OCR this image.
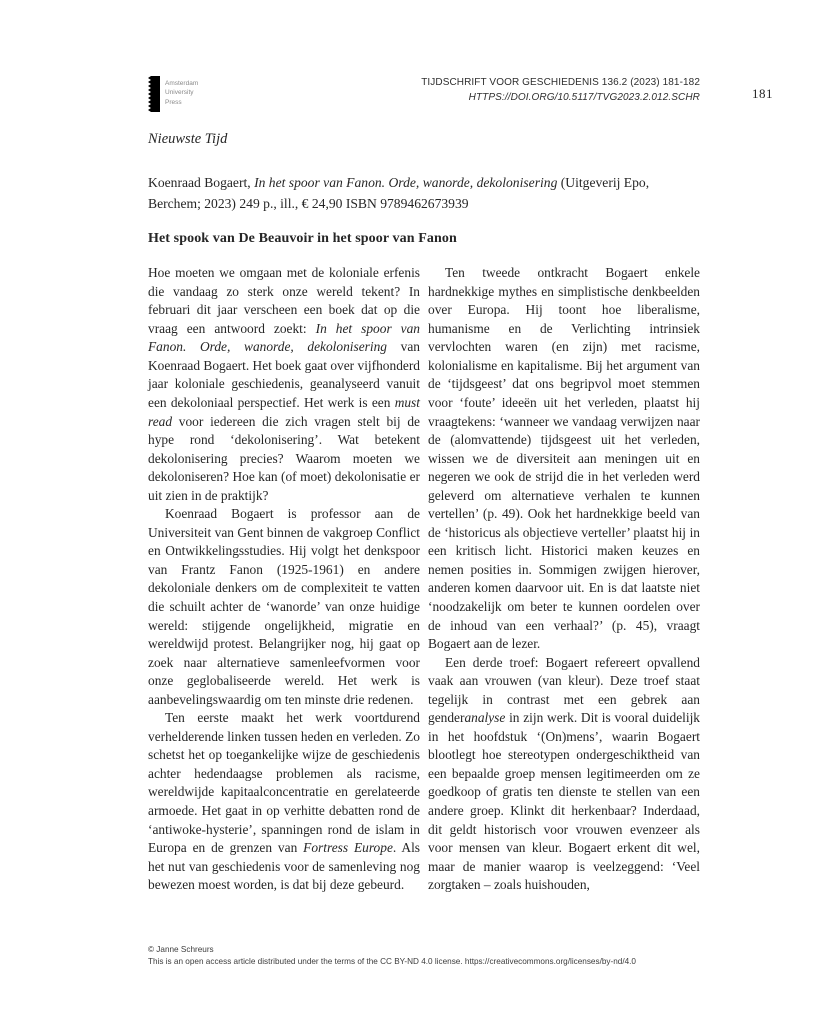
Amsterdam
University
Press
TIJDSCHRIFT VOOR GESCHIEDENIS 136.2 (2023) 181-182
HTTPS://DOI.ORG/10.5117/TVG2023.2.012.SCHR
Nieuwste Tijd

Koenraad Bogaert, In het spoor van Fanon. Orde, wanorde, dekolonisering (Uitgeverij Epo, Berchem; 2023) 249 p., ill., € 24,90 ISBN 9789462673939

Het spook van De Beauvoir in het spoor van Fanon

Hoe moeten we omgaan met de koloniale erfenis die vandaag zo sterk onze wereld tekent? In februari dit jaar verscheen een boek dat op die vraag een antwoord zoekt: In het spoor van Fanon. Orde, wanorde, dekolonisering van Koenraad Bogaert. Het boek gaat over vijfhonderd jaar koloniale geschiedenis, geanalyseerd vanuit een dekoloniaal perspectief. Het werk is een must read voor iedereen die zich vragen stelt bij de hype rond ‘dekolonisering’. Wat betekent dekolonisering precies? Waarom moeten we dekoloniseren? Hoe kan (of moet) dekolonisatie er uit zien in de praktijk?

Koenraad Bogaert is professor aan de Universiteit van Gent binnen de vakgroep Conflict en Ontwikkelingsstudies. Hij volgt het denkspoor van Frantz Fanon (1925-1961) en andere dekoloniale denkers om de complexiteit te vatten die schuilt achter de ‘wanorde’ van onze huidige wereld: stijgende ongelijkheid, migratie en wereldwijd protest. Belangrijker nog, hij gaat op zoek naar alternatieve samenleefvormen voor onze geglobaliseerde wereld. Het werk is aanbevelingswaardig om ten minste drie redenen.

Ten eerste maakt het werk voortdurend verhelderende linken tussen heden en verleden. Zo schetst het op toegankelijke wijze de geschiedenis achter hedendaagse problemen als racisme, wereldwijde kapitaalconcentratie en gerelateerde armoede. Het gaat in op verhitte debatten rond de ‘antiwoke-hysterie’, spanningen rond de islam in Europa en de grenzen van Fortress Europe. Als het nut van geschiedenis voor de samenleving nog bewezen moest worden, is dat bij deze gebeurd.

Ten tweede ontkracht Bogaert enkele hardnekkige mythes en simplistische denkbeelden over Europa. Hij toont hoe liberalisme, humanisme en de Verlichting intrinsiek vervlochten waren (en zijn) met racisme, kolonialisme en kapitalisme. Bij het argument van de ‘tijdsgeest’ dat ons begripvol moet stemmen voor ‘foute’ ideeën uit het verleden, plaatst hij vraagtekens: ‘wanneer we vandaag verwijzen naar de (alomvattende) tijdsgeest uit het verleden, wissen we de diversiteit aan meningen uit en negeren we ook de strijd die in het verleden werd geleverd om alternatieve verhalen te kunnen vertellen’ (p. 49). Ook het hardnekkige beeld van de ‘historicus als objectieve verteller’ plaatst hij in een kritisch licht. Historici maken keuzes en nemen posities in. Sommigen zwijgen hierover, anderen komen daarvoor uit. En is dat laatste niet ‘noodzakelijk om beter te kunnen oordelen over de inhoud van een verhaal?’ (p. 45), vraagt Bogaert aan de lezer.

Een derde troef: Bogaert refereert opvallend vaak aan vrouwen (van kleur). Deze troef staat tegelijk in contrast met een gebrek aan genderanalyse in zijn werk. Dit is vooral duidelijk in het hoofdstuk ‘(On)mens’, waarin Bogaert blootlegt hoe stereotypen ondergeschiktheid van een bepaalde groep mensen legitimeerden om ze goedkoop of gratis ten dienste te stellen van een andere groep. Klinkt dit herkenbaar? Inderdaad, dit geldt historisch voor vrouwen evenzeer als voor mensen van kleur. Bogaert erkent dit wel, maar de manier waarop is veelzeggend: ‘Veel zorgtaken – zoals huishouden,

181
© Janne Schreurs
This is an open access article distributed under the terms of the CC BY-ND 4.0 license. https://creativecommons.org/licenses/by-nd/4.0
